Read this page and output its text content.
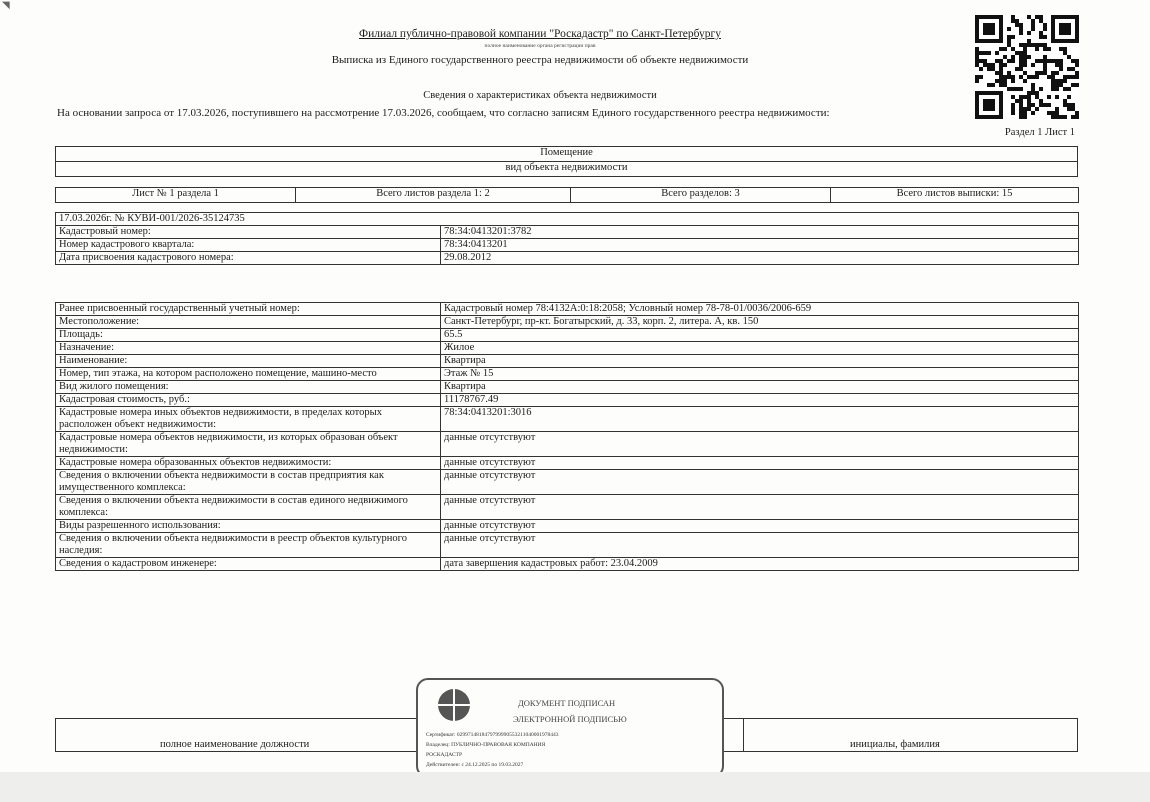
◥
Филиал публично-правовой компании "Роскадастр" по Санкт-Петербургу
полное наименование органа регистрации прав
Выписка из Единого государственного реестра недвижимости об объекте недвижимости
Сведения о характеристиках объекта недвижимости
На основании запроса от 17.03.2026, поступившего на рассмотрение 17.03.2026, сообщаем, что согласно записям Единого государственного реестра недвижимости:
Раздел 1 Лист 1
Помещение
вид объекта недвижимости
Лист № 1 раздела 1	Всего листов раздела 1: 2	Всего разделов: 3	Всего листов выписки: 15
17.03.2026г. № КУВИ-001/2026-35124735	
Кадастровый номер:	78:34:0413201:3782
Номер кадастрового квартала:	78:34:0413201
Дата присвоения кадастрового номера:	29.08.2012
Ранее присвоенный государственный учетный номер:	Кадастровый номер 78:4132А:0:18:2058; Условный номер 78-78-01/0036/2006-659
Местоположение:	Санкт-Петербург, пр-кт. Богатырский, д. 33, корп. 2, литера. А, кв. 150
Площадь:	65.5
Назначение:	Жилое
Наименование:	Квартира
Номер, тип этажа, на котором расположено помещение, машино-место	Этаж № 15
Вид жилого помещения:	Квартира
Кадастровая стоимость, руб.:	11178767.49
Кадастровые номера иных объектов недвижимости, в пределах которых расположен объект недвижимости:	78:34:0413201:3016
Кадастровые номера объектов недвижимости, из которых образован объект недвижимости:	данные отсутствуют
Кадастровые номера образованных объектов недвижимости:	данные отсутствуют
Сведения о включении объекта недвижимости в состав предприятия как имущественного комплекса:	данные отсутствуют
Сведения о включении объекта недвижимости в состав единого недвижимого комплекса:	данные отсутствуют
Виды разрешенного использования:	данные отсутствуют
Сведения о включении объекта недвижимости в реестр объектов культурного наследия:	данные отсутствуют
Сведения о кадастровом инженере:	дата завершения кадастровых работ: 23.04.2009
полное наименование должности	инициалы, фамилия
ДОКУМЕНТ ПОДПИСАН
ЭЛЕКТРОННОЙ ПОДПИСЬЮ
Сертификат: 0299714818479799990553211040001978443
Владелец: ПУБЛИЧНО-ПРАВОВАЯ КОМПАНИЯ
РОСКАДАСТР
Действителен: с 24.12.2025 по 19.03.2027
